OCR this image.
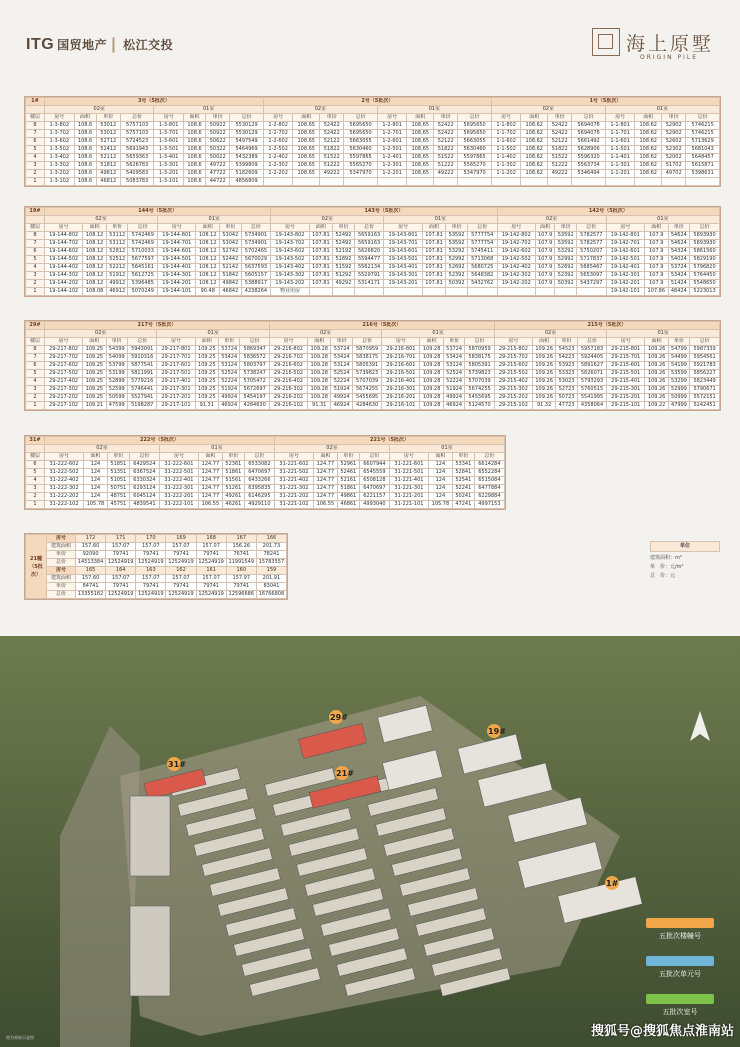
ITG 国贸地产 | 松江交投	海上原墅
ORIGIN PILE
1#	3号（5批次）								2号（5批次）								1号（5批次）							
	02室				01室				02室				01室				02室				01室			
楼层	房号	面积	单价	总价	房号	面积	单价	总价	房号	面积	单价	总价	房号	面积	单价	总价	房号	面积	单价	总价	房号	面积	单价	总价
8	1-3-802	108.6	53012	5757103	1-3-801	108.6	50922	5530129	1-2-802	108.65	52422	5695650	1-2-801	108.65	52422	5695650	1-1-802	108.62	52422	5694078	1-1-801	108.62	52902	5746215
7	1-3-702	108.6	53012	5757103	1-3-701	108.6	50922	5530129	1-2-702	108.65	52422	5695650	1-2-701	108.65	52422	5695650	1-1-702	108.62	52422	5694078	1-1-701	108.62	52902	5746215
6	1-3-602	108.6	52712	5724523	1-3-601	108.6	50622	5497549	1-2-602	108.65	52122	5663055	1-2-601	108.65	52122	5663055	1-1-602	108.62	52122	5661492	1-1-601	108.62	52602	5713629
5	1-3-502	108.6	52412	5691943	1-3-501	108.6	50322	5464969	1-2-502	108.65	51822	5630460	1-2-501	108.65	51822	5630460	1-1-502	108.62	51822	5628906	1-1-501	108.62	52302	5681043
4	1-3-402	108.6	52112	5659363	1-3-401	108.6	50022	5432389	1-2-402	108.65	51522	5597865	1-2-401	108.65	51522	5597865	1-1-402	108.62	51522	5596320	1-1-401	108.62	52002	5648457
3	1-3-302	108.6	51812	5626783	1-3-301	108.6	49722	5399809	1-2-302	108.65	51222	5565270	1-2-301	108.65	51222	5565270	1-1-302	108.62	51222	5563734	1-1-301	108.62	51702	5615871
2	1-3-202	108.6	49812	5409583	1-3-201	108.6	47722	5182609	1-2-202	108.65	49222	5347970	1-2-201	108.65	49222	5347970	1-1-202	108.62	49222	5346494	1-1-201	108.62	49702	5398631
1	1-3-102	108.6	46812	5083783	1-3-101	108.6	44722	4856809																
19#	144号（5批次）								143号（5批次）								142号（5批次）							
	02室				01室				02室				01室				02室				01室			
楼层	房号	面积	单价	总价	房号	面积	单价	总价	房号	面积	单价	总价	房号	面积	单价	总价	房号	面积	单价	总价	房号	面积	单价	总价
8	19-144-802	108.12	53112	5742469	19-144-801	108.12	53042	5734901	19-143-802	107.81	52492	5659163	19-143-801	107.81	53592	5777754	19-142-802	107.9	53592	5782577	19-142-801	107.9	54624	5893930
7	19-144-702	108.12	53112	5742469	19-144-701	108.12	53042	5734901	19-143-702	107.81	52492	5659163	19-143-701	107.81	53592	5777754	19-142-702	107.9	53592	5782577	19-142-701	107.9	54624	5893930
6	19-144-602	108.12	52812	5710033	19-144-601	108.12	52742	5702465	19-143-602	107.81	52192	5626820	19-143-601	107.81	53292	5745411	19-142-602	107.9	53292	5750207	19-142-601	107.9	54324	5861560
5	19-144-502	108.12	52512	5677597	19-144-501	108.12	52442	5670029	19-143-502	107.81	51892	5594477	19-143-501	107.81	52992	5713068	19-142-502	107.9	52992	5717837	19-142-501	107.9	54024	5829190
4	19-144-402	108.12	52212	5645161	19-144-401	108.12	52142	5637593	19-143-402	107.81	51592	5562134	19-143-401	107.81	52692	5680725	19-142-402	107.9	52692	5685467	19-142-401	107.9	53724	5796820
3	19-144-302	108.12	51912	5612725	19-144-301	108.12	51842	5605157	19-143-302	107.81	51292	5529791	19-143-301	107.81	52392	5648382	19-142-302	107.9	52392	5653097	19-142-301	107.9	53424	5764450
2	19-144-202	108.12	49912	5396485	19-144-201	108.12	49842	5388917	19-143-202	107.81	49292	5314171	19-143-201	107.81	50392	5432762	19-142-202	107.9	50392	5437297	19-142-201	107.9	51424	5548650
1	19-144-102	108.08	46912	5070249	19-144-101	90.48	46842	4238264	物业用房												19-142-101	107.86	48424	5223013
29#	217号（5批次）								216号（5批次）								215号（5批次）							
	02室				01室				02室				01室				02室				01室			
楼层	房号	面积	单价	总价	房号	面积	单价	总价	房号	面积	单价	总价	房号	面积	单价	总价	房号	面积	单价	总价	房号	面积	单价	总价
8	29-217-802	109.25	54399	5943091	29-217-801	109.25	53724	5869347	29-216-802	109.28	53724	5870959	29-216-801	109.28	53724	5870959	29-215-802	109.26	54523	5957183	29-215-801	109.26	54799	5987339
7	29-217-702	109.25	54099	5910316	29-217-701	109.25	53424	5836572	29-216-702	109.28	53424	5838175	29-216-701	109.28	53424	5838175	29-215-702	109.26	54223	5924405	29-215-701	109.26	54499	5954561
6	29-217-602	109.25	53799	5877541	29-217-601	109.25	53124	5803797	29-216-602	109.28	53124	5805391	29-216-601	109.28	53124	5805391	29-215-602	109.26	53923	5891627	29-215-601	109.26	54199	5921783
5	29-217-502	109.25	53199	5811991	29-217-501	109.25	52524	5738247	29-216-502	109.28	52524	5739823	29-216-501	109.28	52524	5739823	29-215-502	109.26	53323	5826071	29-215-501	109.26	53599	5856227
4	29-217-402	109.25	52899	5779216	29-217-401	109.25	52224	5705472	29-216-402	109.28	52224	5707039	29-216-401	109.28	52224	5707039	29-215-402	109.26	53023	5793293	29-215-401	109.26	53299	5823449
3	29-217-302	109.25	52599	5746441	29-217-301	109.25	51924	5672697	29-216-302	109.28	51924	5674255	29-216-301	109.28	51924	5674255	29-215-302	109.26	52723	5760515	29-215-301	109.26	52999	5790671
2	29-217-202	109.25	50599	5527941	29-217-201	109.25	49924	5454197	29-216-202	109.28	49924	5455695	29-216-201	109.28	49924	5455695	29-215-202	109.26	50723	5541995	29-215-201	109.26	50999	5572151
1	29-217-102	109.21	47599	5198287	29-217-101	91.31	46924	4284630	29-216-102	91.31	46924	4284630	29-216-101	109.28	46924	5124570	29-215-102	91.32	47723	4358064	29-215-101	109.22	47999	5242451
31#	222号（5批次）								221号（5批次）							
	02室				01室				02室				01室			
楼层	房号	面积	单价	总价	房号	面积	单价	总价	房号	面积	单价	总价	房号	面积	单价	总价
6	31-222-602	124	51851	6429524	31-222-601	124.77	52361	6533082	31-221-602	124.77	52961	6607944	31-221-601	124	53341	6614284
5	31-222-502	124	51351	6367524	31-222-501	124.77	51861	6470697	31-221-502	124.77	52461	6545559	31-221-501	124	52841	6552284
4	31-222-402	124	51051	6330324	31-222-401	124.77	51561	6433266	31-221-402	124.77	52161	6508128	31-221-401	124	52541	6515084
3	31-222-302	124	50751	6293124	31-222-301	124.77	51261	6395835	31-221-302	124.77	51861	6470697	31-221-301	124	52241	6477884
2	31-222-202	124	48751	6045124	31-222-201	124.77	49261	6146295	31-221-202	124.77	49861	6221157	31-221-201	124	50241	6229884
1	31-222-102	105.78	45751	4839541	31-222-101	106.55	46261	4929110	31-221-102	106.55	46861	4993040	31-221-101	105.78	47241	4997153
21幢（5批次）	房号	172	171	170	169	168	167	166
	建筑面积	157.60	157.07	157.07	157.07	157.07	156.26	201.73
	单价	92090	79741	79741	79741	79741	76741	78241
	总价	14513384	12524919	12524919	12524919	12524919	11991549	15783557
	房号	165	164	163	162	161	160	159
	建筑面积	157.60	157.07	157.07	157.07	157.07	157.97	201.91
	单价	84741	79741	79741	79741	79741	79741	83041
	总价	13355182	12524919	12524919	12524919	12524919	12596686	16766808
单位
建筑面积：m²
单　价：元/m²
总　价：元
29#
19#
31#
21#
1#
五批次楼幢号
五批次单元号
五批次室号
图为效果示意图	搜狐号@搜狐焦点淮南站
